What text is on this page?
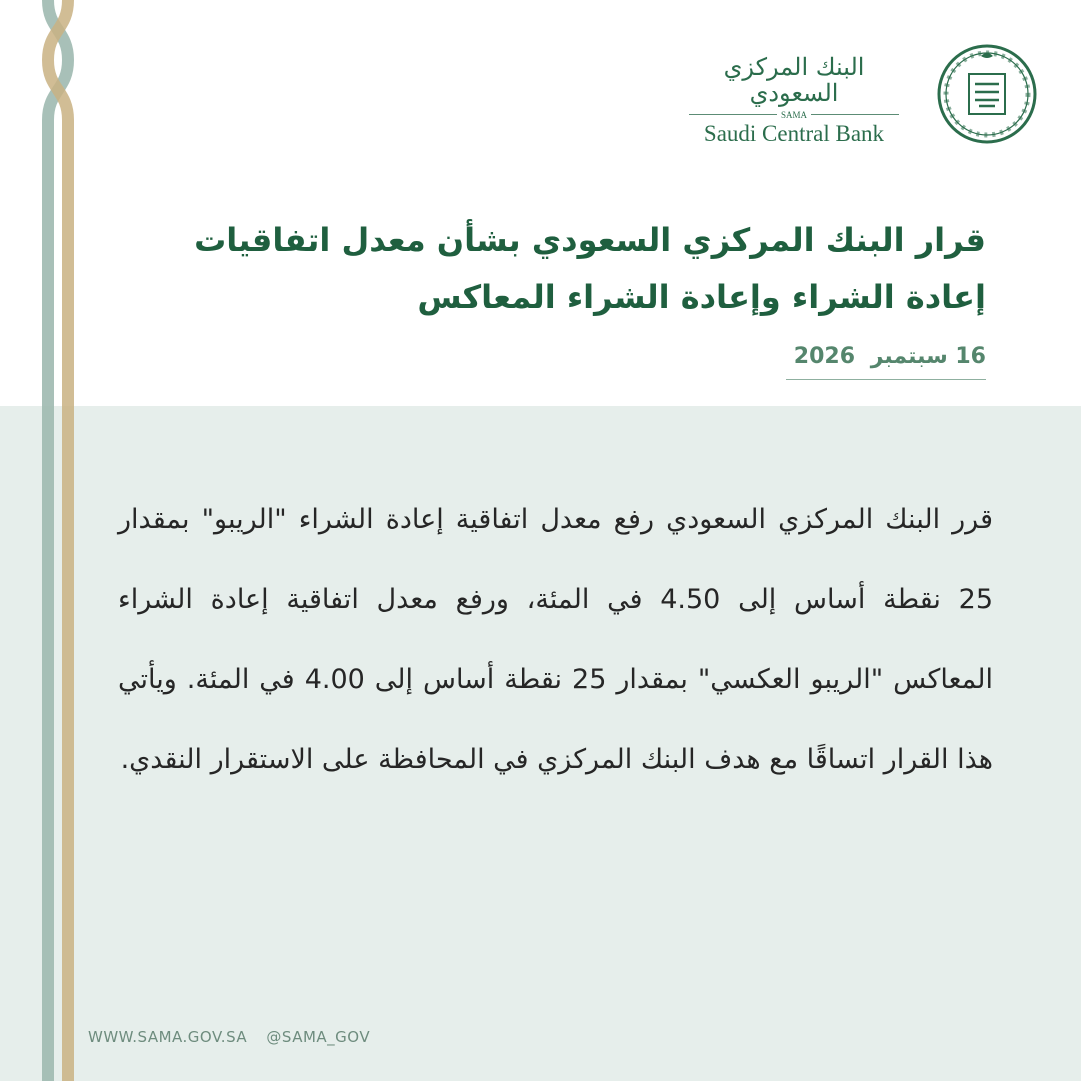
البنك المركزي السعودي
SAMA
Saudi Central Bank
قرار البنك المركزي السعودي بشأن معدل اتفاقيات إعادة الشراء وإعادة الشراء المعاكس
16 سبتمبر 2026
قرر البنك المركزي السعودي رفع معدل اتفاقية إعادة الشراء "الريبو" بمقدار 25 نقطة أساس إلى 4.50 في المئة، ورفع معدل اتفاقية إعادة الشراء المعاكس "الريبو العكسي" بمقدار 25 نقطة أساس إلى 4.00 في المئة. ويأتي هذا القرار اتساقًا مع هدف البنك المركزي في المحافظة على الاستقرار النقدي.
WWW.SAMA.GOV.SA @SAMA_GOV
